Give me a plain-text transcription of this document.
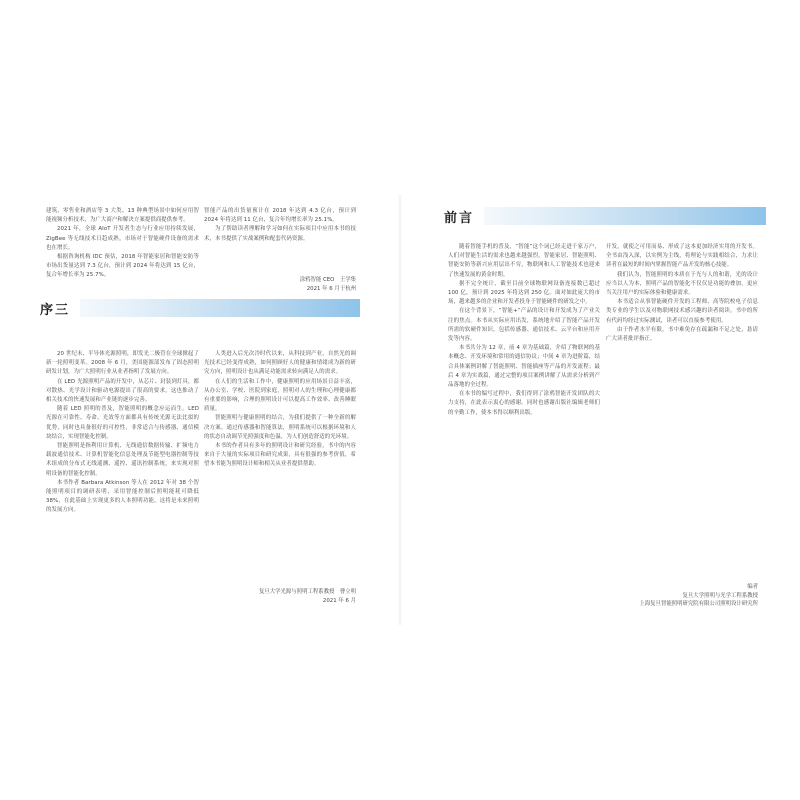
建筑、零售业和酒店等 3 大类、13 种典型场景中如何应用智能视频分析技术，为广大商户和解决方案提供商提供参考。

2021 年，全球 AIoT 开发者生态与行业应用持续发展，ZigBee 等无线技术日趋成熟，市场对于智能硬件设备的需求也在增长。

根据咨询机构 IDC 预估，2018 年智能家居和智能安防等市场出货量达到 7.3 亿台，预计到 2024 年将达到 15 亿台，复合年增长率为 25.7%。

智能产品的出货量预计在 2018 年达到 4.3 亿台，预计到 2024 年将达到 11 亿台，复合年均增长率为 25.1%。

为了帮助读者理解和学习如何在实际项目中应用本书的技术，本书提供了实战案例和配套代码资源。

涂鸦智能 CEO　王学集
2021 年 6 月于杭州
序三

20 世纪末，半导体光源照明，即发光二极管在全球掀起了新一轮照明变革。2008 年 6 月，美国能源部发布了固态照明研发计划，为广大照明行业从业者指明了发展方向。

在 LED 光源照明产品的开发中，从芯片、封装到灯具，都对散热、光学设计和驱动电源提出了很高的要求，这也推动了相关技术的快速发展和产业链的逐步完善。

随着 LED 照明的普及，智能照明的概念应运而生。LED 光源在可靠性、寿命、光效等方面都具有传统光源无法比拟的优势，同时也具备很好的可控性，非常适合与传感器、通信模块结合，实现智能化控制。

智能照明是指利用计算机、无线通信数据传输、扩频电力载波通信技术、计算机智能化信息处理及节能型电器控制等技术组成的分布式无线遥测、遥控、遥讯控制系统，来实现对照明设备的智能化控制。

本书作者 Barbara Atkinson 等人在 2012 年对 38 个智能照明项目的调研表明，采用智能控制后照明能耗可降低 38%，在此基础上实现更多的人本照明功能，这将是未来照明的发展方向。

人类进入后光次冷时代以来，从科技到产业，自然光的调光技术已经变得成熟，如何照顾好人的健康和情绪成为新的研究方向，照明设计也从满足功能需求转向满足人的需求。

在人们的生活和工作中，健康照明的应用场景日益丰富，从办公室、学校、医院到家庭，照明对人的生理和心理健康都有重要的影响，合理的照明设计可以提高工作效率、改善睡眠质量。

智能照明与健康照明的结合，为我们提供了一种全新的解决方案。通过传感器和智能算法，照明系统可以根据环境和人的状态自动调节光照强度和色温，为人们创造舒适的光环境。

本书的作者具有多年的照明设计和研究经验，书中的内容来自于大量的实际项目和研究成果，具有很强的参考价值，希望本书能为照明设计师和相关从业者提供帮助。

复旦大学光源与照明工程系教授　曹立明
2021 年 6 月
前言

随着智能手机的普及，“智能”这个词已经走进千家万户，人们对智能生活的需求也越来越强烈，智能家居、智能照明、智能安防等新兴应用层出不穷，物联网和人工智能技术也迎来了快速发展的黄金时期。

据不完全统计，截至目前全球物联网设备连接数已超过 100 亿，预计到 2025 年将达到 250 亿。面对如此庞大的市场，越来越多的企业和开发者投身于智能硬件的研发之中。

在这个背景下，“智能+”产品的设计和开发成为了产业关注的焦点。本书从实际应用出发，系统地介绍了智能产品开发所需的软硬件知识，包括传感器、通信技术、云平台和应用开发等内容。

本书共分为 12 章，前 4 章为基础篇，介绍了物联网的基本概念、开发环境和常用的通信协议；中间 4 章为进阶篇，结合具体案例讲解了智能照明、智能插座等产品的开发流程；最后 4 章为实战篇，通过完整的项目案例讲解了从需求分析到产品落地的全过程。

在本书的编写过程中，我们得到了涂鸦智能开发团队的大力支持，在此表示衷心的感谢。同时也感谢出版社编辑老师们的辛勤工作，使本书得以顺利出版。

开发，就使之可用而易、形成了这本更加经济实用的开发书。全书由浅入深，以实例为主线，将理论与实践相结合，力求让读者在最短的时间内掌握智能产品开发的核心技能。

我们认为，智能照明的本质在于光与人的和谐，光的设计应当以人为本，照明产品的智能化不仅仅是功能的叠加，更应当关注用户的实际体验和健康需求。

本书适合从事智能硬件开发的工程师、高等院校电子信息类专业的学生以及对物联网技术感兴趣的读者阅读。书中的所有代码均经过实际测试，读者可以直接参考使用。

由于作者水平有限，书中难免存在疏漏和不足之处，恳请广大读者批评指正。

编者
复旦大学照明与光学工程系教授
上海复旦智能照明研究院有限公司照明设计研究所
